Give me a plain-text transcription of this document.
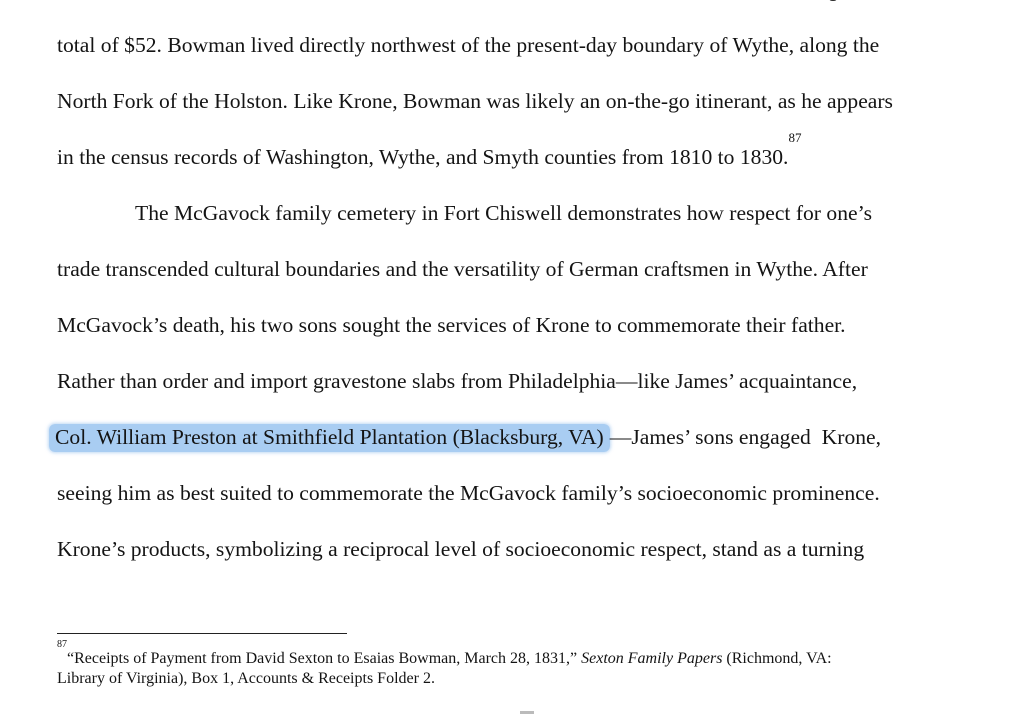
total of $52. Bowman lived directly northwest of the present-day boundary of Wythe, along the
North Fork of the Holston. Like Krone, Bowman was likely an on-the-go itinerant, as he appears
in the census records of Washington, Wythe, and Smyth counties from 1810 to 1830.87
The McGavock family cemetery in Fort Chiswell demonstrates how respect for one’s
trade transcended cultural boundaries and the versatility of German craftsmen in Wythe. After
McGavock’s death, his two sons sought the services of Krone to commemorate their father.
Rather than order and import gravestone slabs from Philadelphia—like James’ acquaintance,
Col. William Preston at Smithfield Plantation (Blacksburg, VA) —James’ sons engaged  Krone,
seeing him as best suited to commemorate the McGavock family’s socioeconomic prominence.
Krone’s products, symbolizing a reciprocal level of socioeconomic respect, stand as a turning
$^{87}$“Receipts of Payment from David Sexton to Esaias Bowman, March 28, 1831,” Sexton Family Papers (Richmond, VA:
Library of Virginia), Box 1, Accounts & Receipts Folder 2.
